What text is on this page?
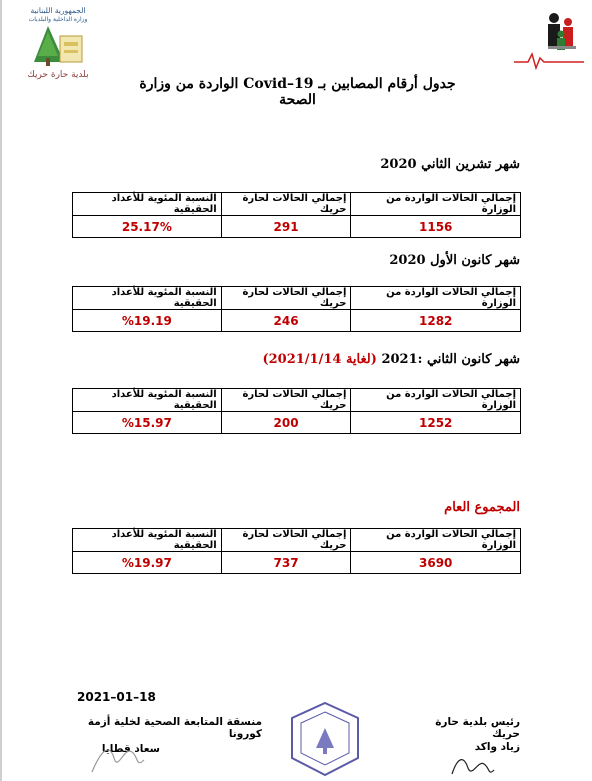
الجمهورية اللبنانية
وزارة الداخلية والبلديات
بلدية حارة حريك
جدول أرقام المصابين بـ Covid–19 الواردة من وزارة الصحة
شهر تشرين الثاني 2020
إجمالي الحالات الواردة من الوزارة	إجمالي الحالات لحارة حريك	النسبة المئوية للأعداد الحقيقية
1156	291	25.17%
شهر كانون الأول 2020
إجمالي الحالات الواردة من الوزارة	إجمالي الحالات لحارة حريك	النسبة المئوية للأعداد الحقيقية
1282	246	%19.19
شهر كانون الثاني :2021 (لغاية 2021/1/14)
إجمالي الحالات الواردة من الوزارة	إجمالي الحالات لحارة حريك	النسبة المئوية للأعداد الحقيقية
1252	200	%15.97
المجموع العام
إجمالي الحالات الواردة من الوزارة	إجمالي الحالات لحارة حريك	النسبة المئوية للأعداد الحقيقية
3690	737	%19.97
2021–01–18
منسقة المتابعة الصحية لخلية أزمة كورونا
سعاد قطايا
رئيس بلدية حارة حريك
زياد واكد
